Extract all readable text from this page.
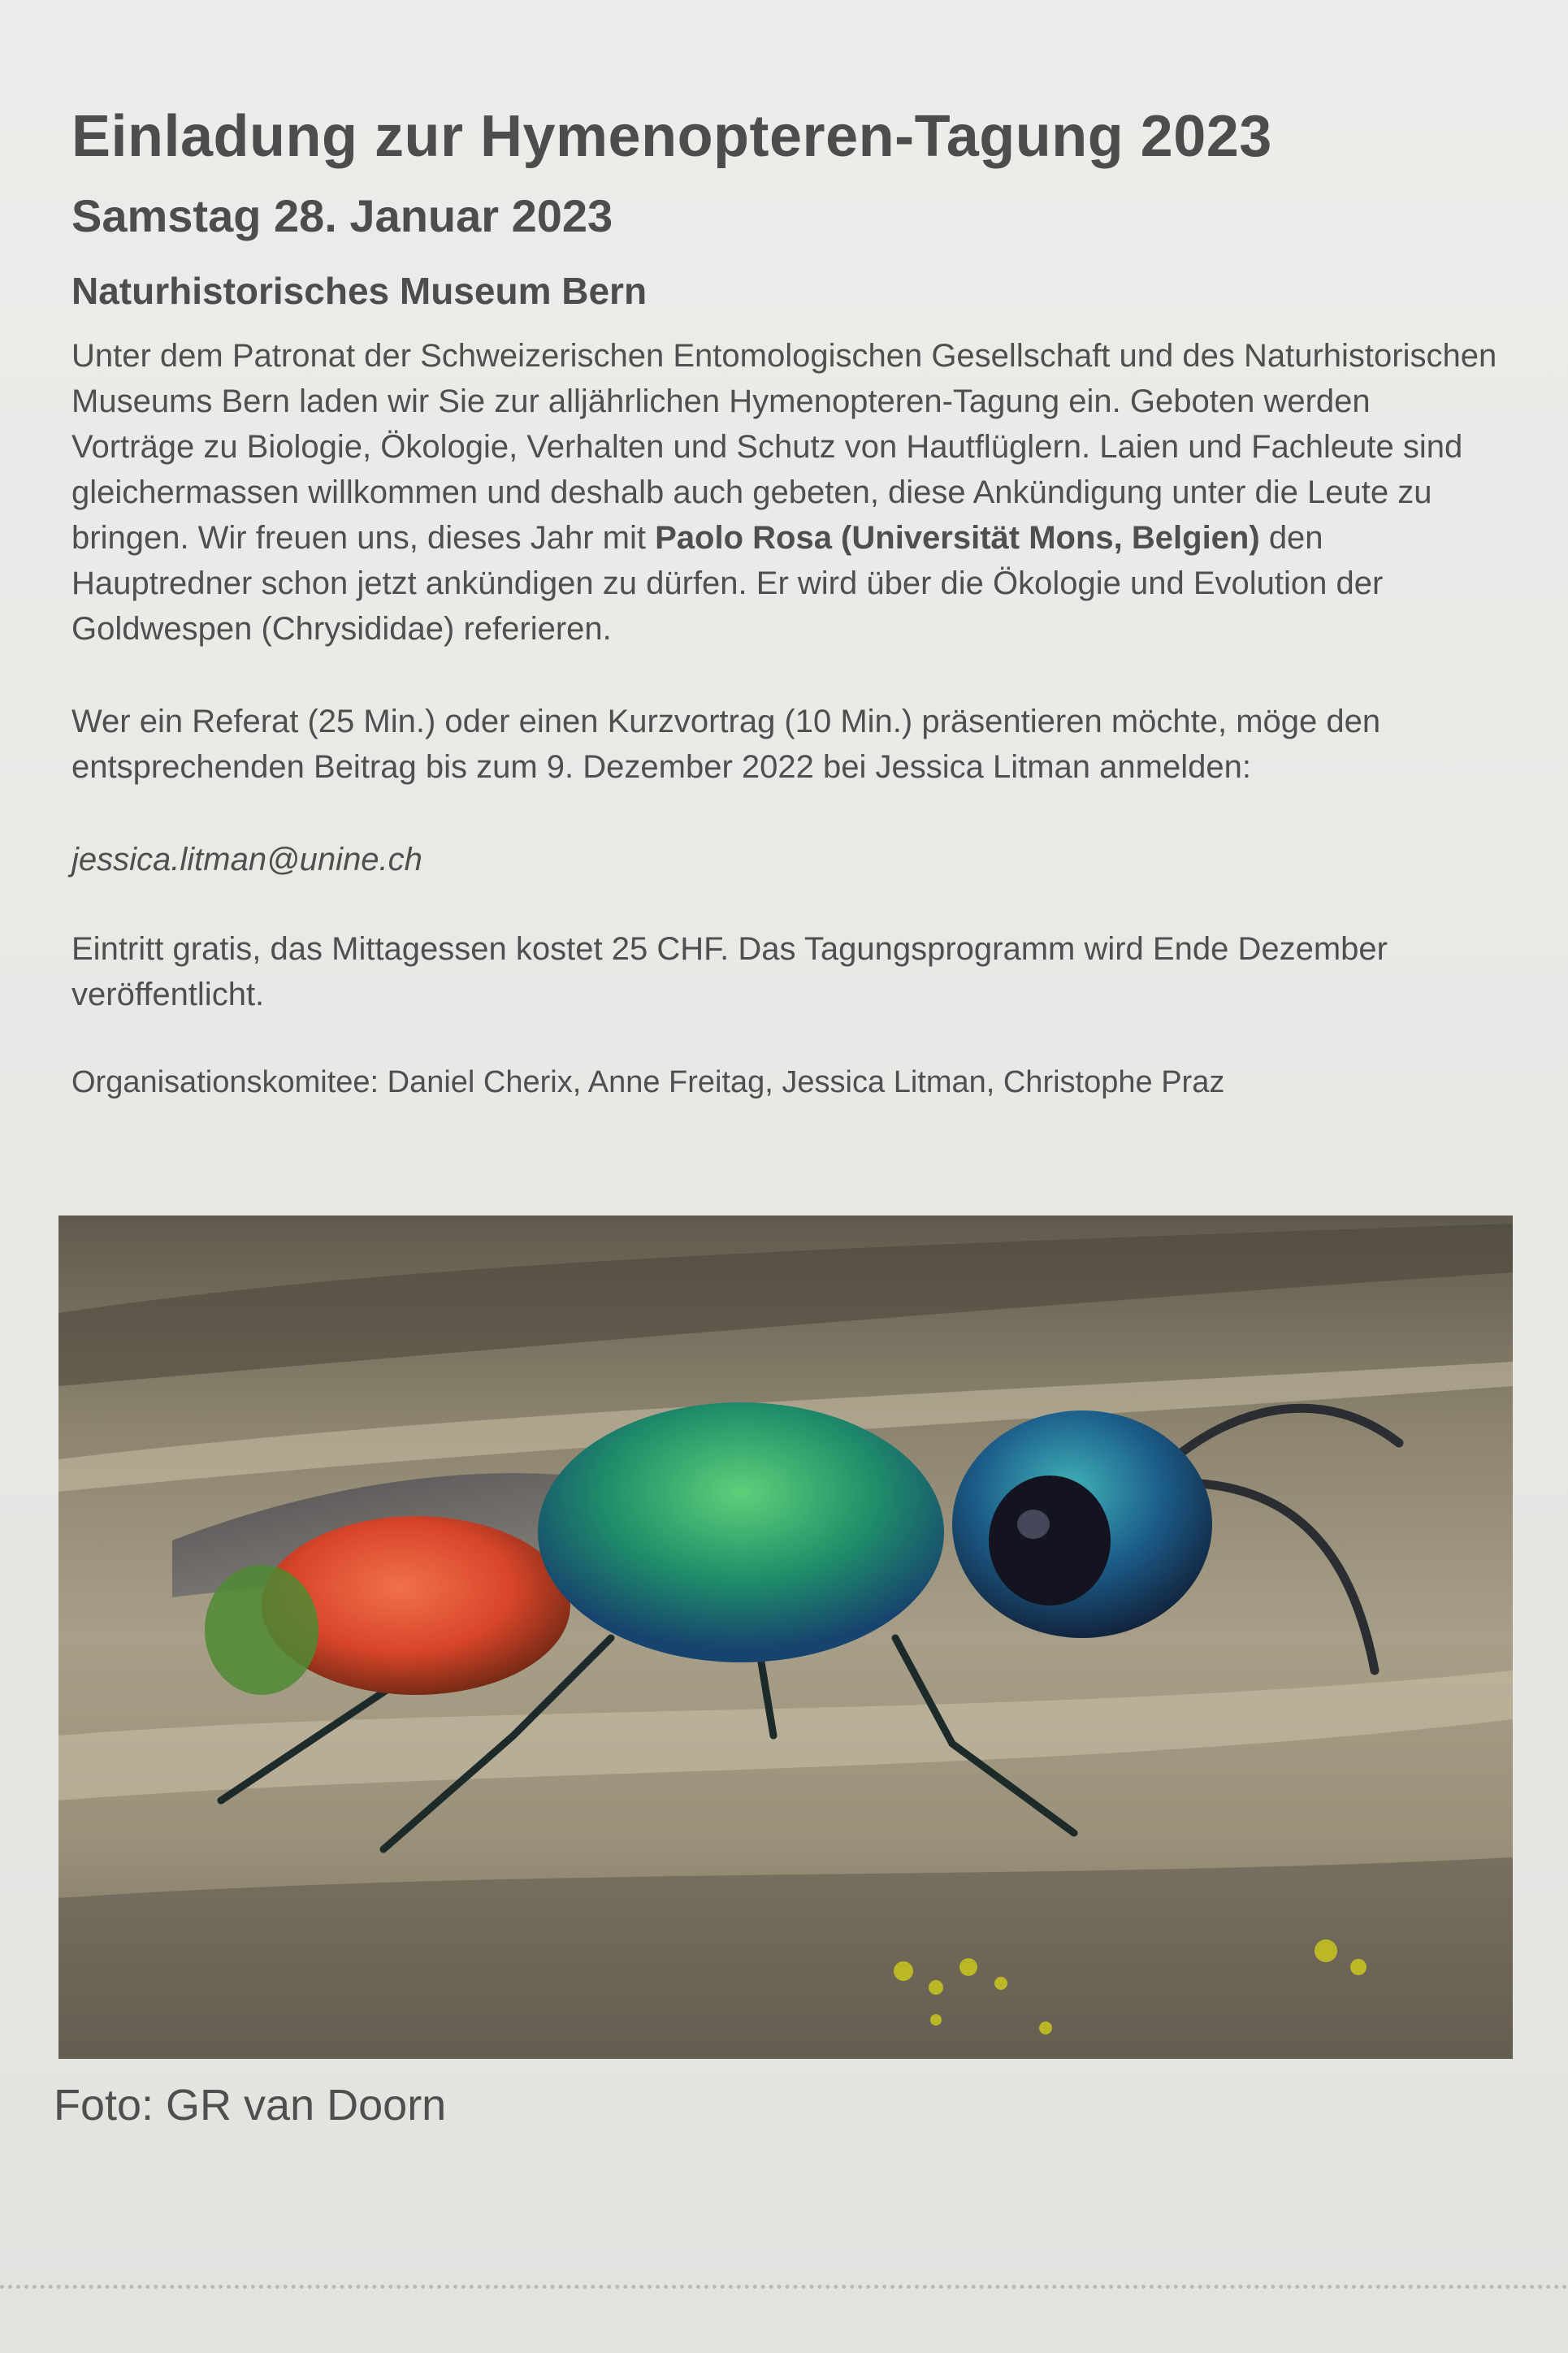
Einladung zur Hymenopteren-Tagung 2023
Samstag 28. Januar 2023
Naturhistorisches Museum Bern

Unter dem Patronat der Schweizerischen Entomologischen Gesellschaft und des Naturhistorischen Museums Bern laden wir Sie zur alljährlichen Hymenopteren-Tagung ein. Geboten werden Vorträge zu Biologie, Ökologie, Verhalten und Schutz von Hautflüglern. Laien und Fachleute sind gleichermassen willkommen und deshalb auch gebeten, diese Ankündigung unter die Leute zu bringen. Wir freuen uns, dieses Jahr mit Paolo Rosa (Universität Mons, Belgien) den Hauptredner schon jetzt ankündigen zu dürfen. Er wird über die Ökologie und Evolution der Goldwespen (Chrysididae) referieren.

Wer ein Referat (25 Min.) oder einen Kurzvortrag (10 Min.) präsentieren möchte, möge den entsprechenden Beitrag bis zum 9. Dezember 2022 bei Jessica Litman anmelden:

jessica.litman@unine.ch

Eintritt gratis, das Mittagessen kostet 25 CHF. Das Tagungsprogramm wird Ende Dezember veröffentlicht.

Organisationskomitee: Daniel Cherix, Anne Freitag, Jessica Litman, Christophe Praz

Foto: GR van Doorn
